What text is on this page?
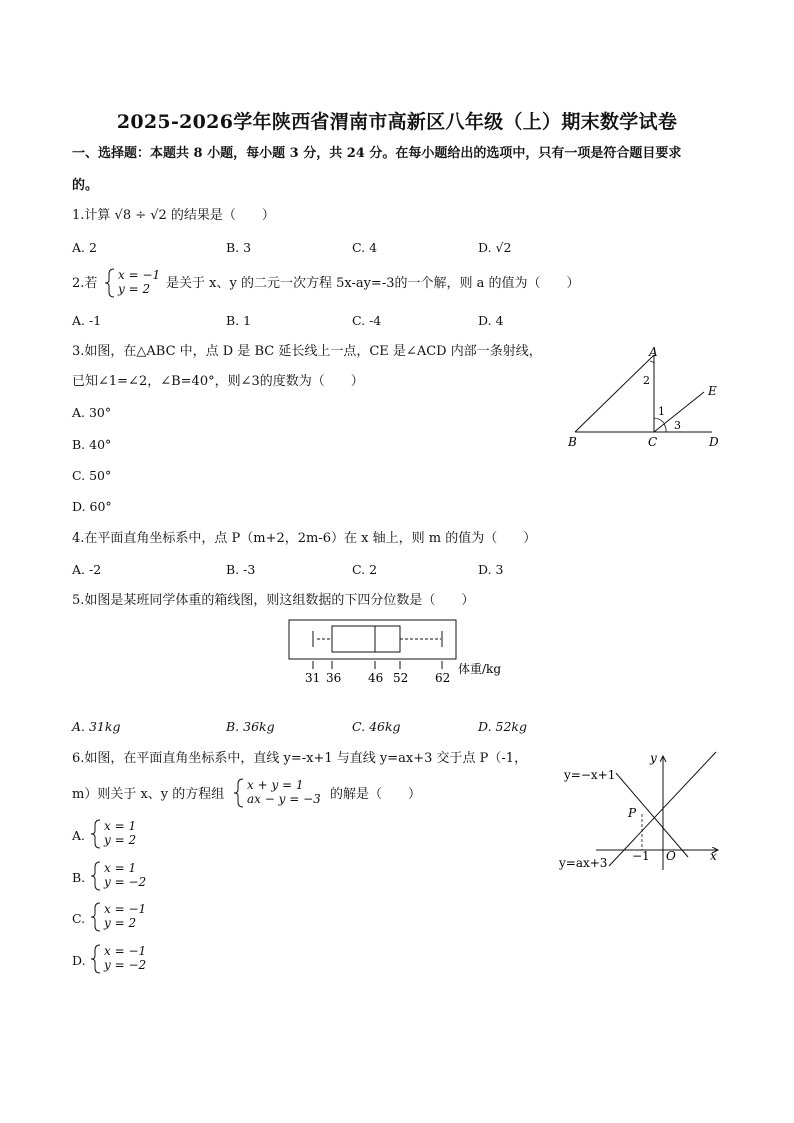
2025-2026学年陕西省渭南市高新区八年级（上）期末数学试卷
一、选择题：本题共 8 小题，每小题 3 分，共 24 分。在每小题给出的选项中，只有一项是符合题目要求
的。
1.计算 √8 ÷ √2 的结果是（　　）
A. 2	B. 3	C. 4	D. √2
2.若
x = −1
y = 2 是关于 x、y 的二元一次方程 5x-ay=-3的一个解，则 a 的值为（　　）
A. -1	B. 1	C. -4	D. 4
3.如图，在△ABC 中，点 D 是 BC 延长线上一点，CE 是∠ACD 内部一条射线，
已知∠1=∠2，∠B=40°，则∠3的度数为（　　）
A. 30°
B. 40°
C. 50°
D. 60°
A
B	C	D
E
1
2
3
4.在平面直角坐标系中，点 P（m+2，2m-6）在 x 轴上，则 m 的值为（　　）
A. -2	B. -3	C. 2	D. 3
5.如图是某班同学体重的箱线图，则这组数据的下四分位数是（　　）
31 36 46 52 62
体重/kg
A. 31kg	B. 36kg	C. 46kg	D. 52kg
6.如图，在平面直角坐标系中，直线 y=-x+1 与直线 y=ax+3 交于点 P（-1，
m）则关于 x、y 的方程组
x + y = 1
ax − y = −3 的解是（　　）
A.
x = 1
y = 2
B.
x = 1
y = −2
C.
x = −1
y = 2
D.
x = −1
y = −2
y=−x+1
y=ax+3
P
−1 O	x
y
